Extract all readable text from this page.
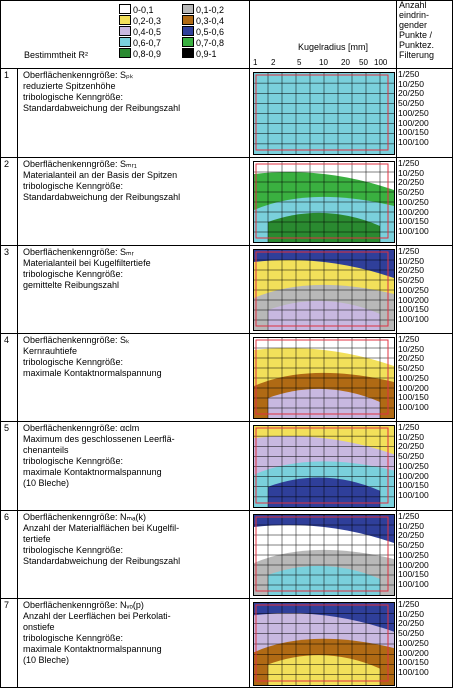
0-0,1	0,1-0,2
0,2-0,3	0,3-0,4
0,4-0,5	0,5-0,6
0,6-0,7	0,7-0,8
0,8-0,9	0,9-1
Bestimmtheit R²
Kugelradius [mm]
1 2	5 10 20 50 100
Anzahl
eindrin-
gender
Punkte /
Punktez.
Filterung
1 Oberflächenkenngröße: Sₚₖ
reduzierte Spitzenhöhe
tribologische Kenngröße:
Standardabweichung der Reibungszahl
1/250
10/250
20/250
50/250
100/250
100/200
100/150
100/100
2 Oberflächenkenngröße: Sₘᵣ₁
Materialanteil an der Basis der Spitzen
tribologische Kenngröße:
Standardabweichung der Reibungszahl
1/250
10/250
20/250
50/250
100/250
100/200
100/150
100/100
3 Oberflächenkenngröße: Sₘᵣ
Materialanteil bei Kugelfiltertiefe
tribologische Kenngröße:
gemittelte Reibungszahl
1/250
10/250
20/250
50/250
100/250
100/200
100/150
100/100
4 Oberflächenkenngröße: Sₖ
Kernrauhtiefe
tribologische Kenngröße:
maximale Kontaktnormalspannung
1/250
10/250
20/250
50/250
100/250
100/200
100/150
100/100
5 Oberflächenkenngröße: αclm
Maximum des geschlossenen Leerflä-
chenanteils
tribologische Kenngröße:
maximale Kontaktnormalspannung
(10 Bleche)
1/250
10/250
20/250
50/250
100/250
100/200
100/150
100/100
6 Oberflächenkenngröße: Nₘₐ(k)
Anzahl der Materialflächen bei Kugelfil-
tertiefe
tribologische Kenngröße:
Standardabweichung der Reibungszahl
1/250
10/250
20/250
50/250
100/250
100/200
100/150
100/100
7 Oberflächenkenngröße: Nᵥₒ(p)
Anzahl der Leerflächen bei Perkolati-
onstiefe
tribologische Kenngröße:
maximale Kontaktnormalspannung
(10 Bleche)
1/250
10/250
20/250
50/250
100/250
100/200
100/150
100/100
